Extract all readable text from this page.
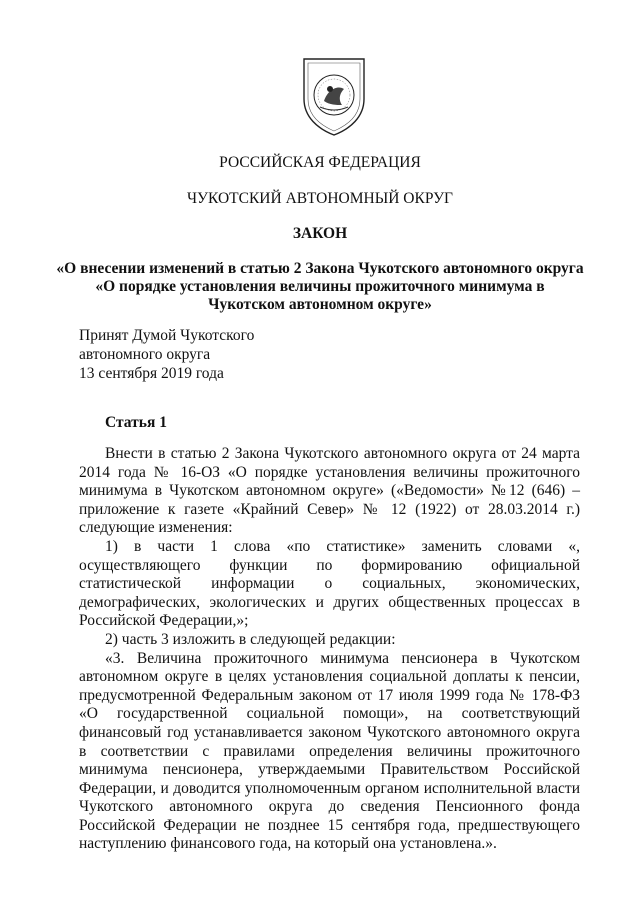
РОССИЙСКАЯ ФЕДЕРАЦИЯ
ЧУКОТСКИЙ АВТОНОМНЫЙ ОКРУГ
ЗАКОН
«О внесении изменений в статью 2 Закона Чукотского автономного округа
«О порядке установления величины прожиточного минимума в
Чукотском автономном округе»
Принят Думой Чукотского
автономного округа
13 сентября 2019 года
Статья 1

Внести в статью 2 Закона Чукотского автономного округа от 24 марта 2014 года № 16-ОЗ «О порядке установления величины прожиточного минимума в Чукотском автономном округе» («Ведомости» №12 (646) – приложение к газете «Крайний Север» № 12 (1922) от 28.03.2014 г.) следующие изменения:

1) в части 1 слова «по статистике» заменить словами «, осуществляющего функции по формированию официальной статистической информации о социальных, экономических, демографических, экологических и других общественных процессах в Российской Федерации,»;

2) часть 3 изложить в следующей редакции:

«3. Величина прожиточного минимума пенсионера в Чукотском автономном округе в целях установления социальной доплаты к пенсии, предусмотренной Федеральным законом от 17 июля 1999 года № 178-ФЗ «О государственной социальной помощи», на соответствующий финансовый год устанавливается законом Чукотского автономного округа в соответствии с правилами определения величины прожиточного минимума пенсионера, утверждаемыми Правительством Российской Федерации, и доводится уполномоченным органом исполнительной власти Чукотского автономного округа до сведения Пенсионного фонда Российской Федерации не позднее 15 сентября года, предшествующего наступлению финансового года, на который она установлена.».
